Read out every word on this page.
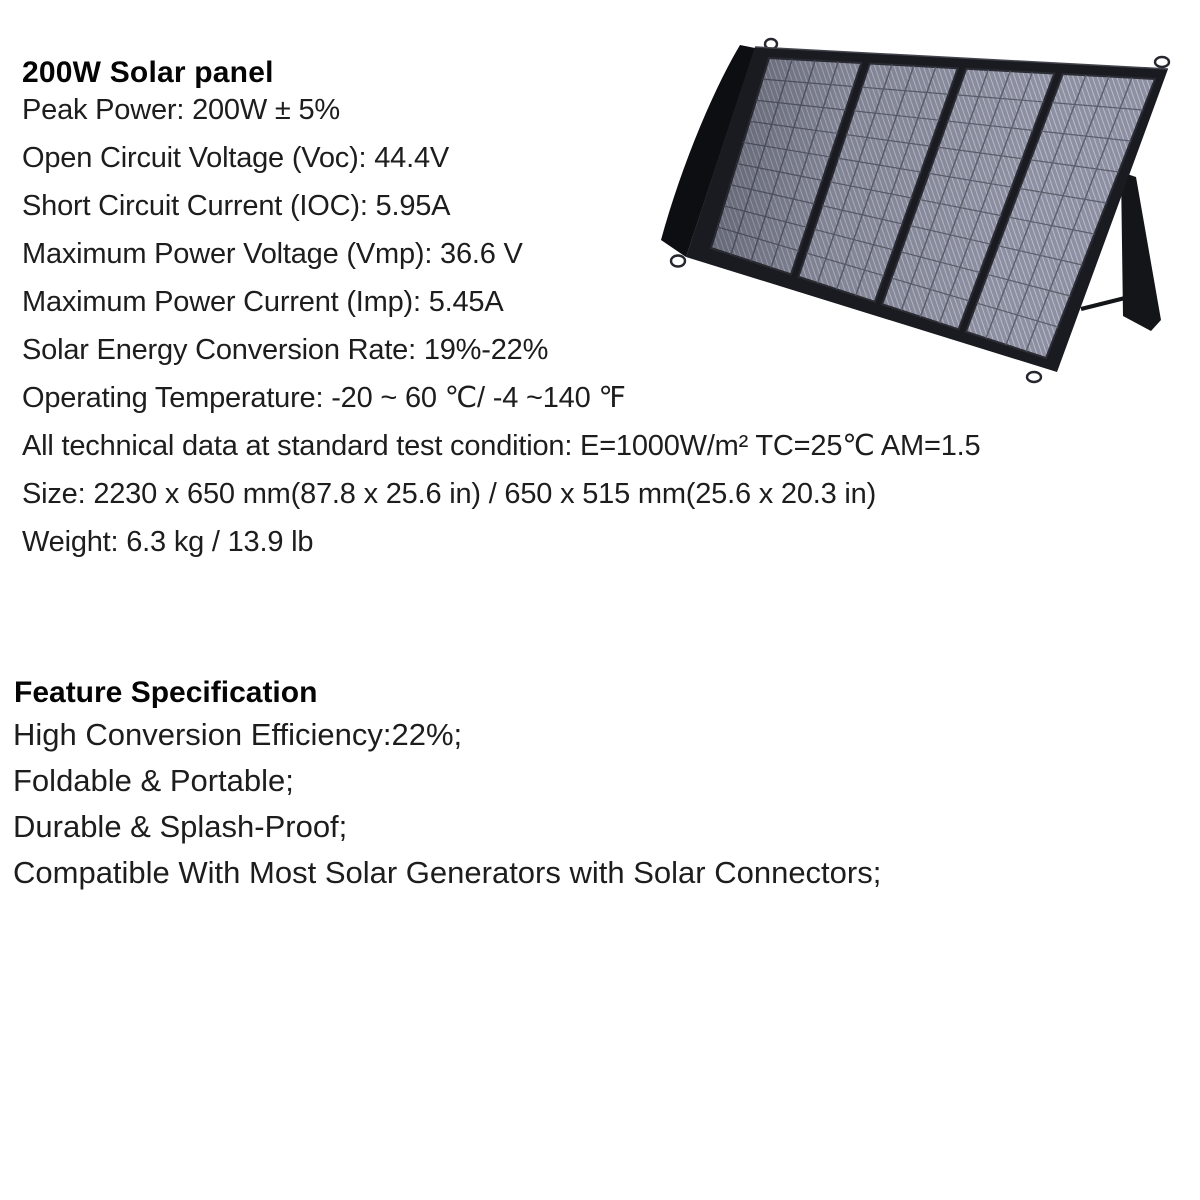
200W Solar panel
Peak Power: 200W ± 5%
Open Circuit Voltage (Voc): 44.4V
Short Circuit Current (IOC): 5.95A
Maximum Power Voltage (Vmp): 36.6 V
Maximum Power Current (Imp): 5.45A
Solar Energy Conversion Rate: 19%-22%
Operating Temperature: -20 ~ 60 ℃/ -4 ~140 ℉
All technical data at standard test condition: E=1000W/m² TC=25℃ AM=1.5
Size: 2230 x 650 mm(87.8 x 25.6 in) / 650 x 515 mm(25.6 x 20.3 in)
Weight: 6.3 kg / 13.9 lb
Feature Specification
High Conversion Efficiency:22%;
Foldable & Portable;
Durable & Splash-Proof;
Compatible With Most Solar Generators with Solar Connectors;
